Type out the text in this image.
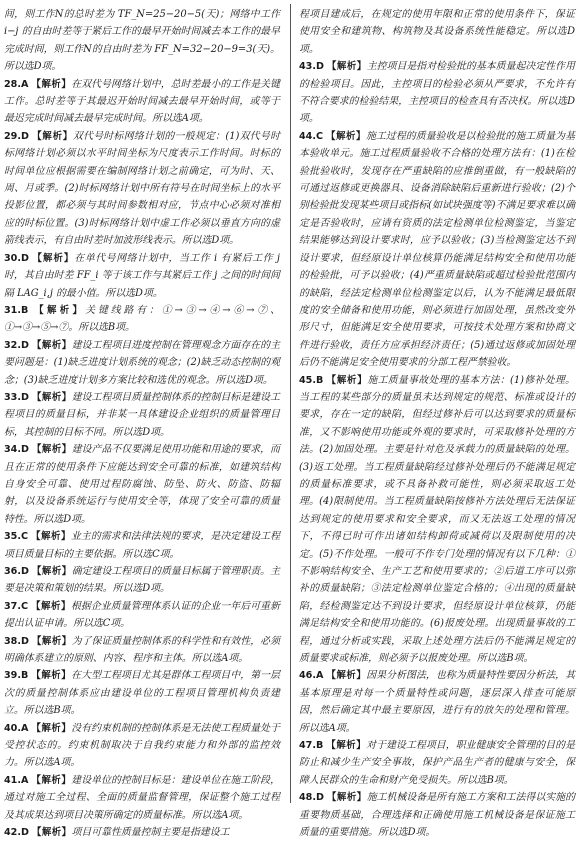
间，则工作N的总时差为 TF_N=25−20−5(天)；网络中工作 i−j 的自由时差等于紧后工作的最早开始时间减去本工作的最早完成时间，则工作N的自由时差为 FF_N=32−20−9=3(天)。所以选D项。

28.A 【解析】在双代号网络计划中，总时差最小的工作是关键工作。总时差等于其最迟开始时间减去最早开始时间，或等于最迟完成时间减去最早完成时间。所以选A项。

29.D 【解析】双代号时标网络计划的一般规定：(1)双代号时标网络计划必须以水平时间坐标为尺度表示工作时间。时标的时间单位应根据需要在编制网络计划之前确定，可为时、天、周、月或季。(2)时标网络计划中所有符号在时间坐标上的水平投影位置，都必须与其时间参数相对应，节点中心必须对准相应的时标位置。(3)时标网络计划中虚工作必须以垂直方向的虚箭线表示，有自由时差时加波形线表示。所以选D项。

30.D 【解析】在单代号网络计划中，当工作 i 有紧后工作 j 时，其自由时差 FF_i 等于该工作与其紧后工作 j 之间的时间间隔 LAG_i,j 的最小值。所以选D项。

31.B 【解析】关键线路有：①→③→④→⑥→⑦、①→③→⑤→⑦。所以选B项。

32.D 【解析】建设工程项目进度控制在管理观念方面存在的主要问题是：(1)缺乏进度计划系统的观念；(2)缺乏动态控制的观念；(3)缺乏进度计划多方案比较和选优的观念。所以选D项。

33.D 【解析】建设工程项目质量控制体系的控制目标是建设工程项目的质量目标，并非某一具体建设企业组织的质量管理目标，其控制的目标不同。所以选D项。

34.D 【解析】建设产品不仅要满足使用功能和用途的要求，而且在正常的使用条件下应能达到安全可靠的标准，如建筑结构自身安全可靠、使用过程防腐蚀、防坠、防火、防盗、防辐射，以及设备系统运行与使用安全等，体现了安全可靠的质量特性。所以选D项。

35.C 【解析】业主的需求和法律法规的要求，是决定建设工程项目质量目标的主要依据。所以选C项。

36.D 【解析】确定建设工程项目的质量目标属于管理职责。主要是决策和策划的结果。所以选D项。

37.C 【解析】根据企业质量管理体系认证的企业一年后可重新提出认证申请。所以选C项。

38.D 【解析】为了保证质量控制体系的科学性和有效性，必须明确体系建立的原则、内容、程序和主体。所以选A项。

39.B 【解析】在大型工程项目尤其是群体工程项目中，第一层次的质量控制体系应由建设单位的工程项目管理机构负责建立。所以选B项。

40.A 【解析】没有约束机制的控制体系是无法使工程质量处于受控状态的。约束机制取决于自我约束能力和外部的监控效力。所以选A项。

41.A 【解析】建设单位的控制目标是：建设单位在施工阶段，通过对施工全过程、全面的质量监督管理，保证整个施工过程及其成果达到项目决策所确定的质量标准。所以选A项。

42.D 【解析】项目可靠性质量控制主要是指建设工

程项目建成后，在规定的使用年限和正常的使用条件下，保证使用安全和建筑物、构筑物及其设备系统性能稳定。所以选D项。

43.D 【解析】主控项目是指对检验批的基本质量起决定性作用的检验项目。因此，主控项目的检验必须从严要求，不允许有不符合要求的检验结果，主控项目的检查具有否决权。所以选D项。

44.C 【解析】施工过程的质量验收是以检验批的施工质量为基本验收单元。施工过程质量验收不合格的处理方法有：(1)在检验批验收时，发现存在严重缺陷的应推倒重做，有一般缺陷的可通过返修或更换器具、设备消除缺陷后重新进行验收；(2)个别检验批发现某些项目或指标(如试块强度等)不满足要求难以确定是否验收时，应请有资质的法定检测单位检测鉴定，当鉴定结果能够达到设计要求时，应予以验收；(3)当检测鉴定达不到设计要求，但经原设计单位核算仍能满足结构安全和使用功能的检验批，可予以验收；(4)严重质量缺陷或超过检验批范围内的缺陷，经法定检测单位检测鉴定以后，认为不能满足最低限度的安全储备和使用功能，则必须进行加固处理，虽然改变外形尺寸，但能满足安全使用要求，可按技术处理方案和协商文件进行验收，责任方应承担经济责任；(5)通过返修或加固处理后仍不能满足安全使用要求的分部工程严禁验收。

45.B 【解析】施工质量事故处理的基本方法：(1)修补处理。当工程的某些部分的质量虽未达到规定的规范、标准或设计的要求，存在一定的缺陷，但经过修补后可以达到要求的质量标准，又不影响使用功能或外观的要求时，可采取修补处理的方法。(2)加固处理。主要是针对危及承载力的质量缺陷的处理。(3)返工处理。当工程质量缺陷经过修补处理后仍不能满足规定的质量标准要求，或不具备补救可能性，则必须采取返工处理。(4)限制使用。当工程质量缺陷按修补方法处理后无法保证达到规定的使用要求和安全要求，而又无法返工处理的情况下，不得已时可作出诸如结构卸荷或减荷以及限制使用的决定。(5)不作处理。一般可不作专门处理的情况有以下几种：①不影响结构安全、生产工艺和使用要求的；②后道工序可以弥补的质量缺陷；③法定检测单位鉴定合格的；④出现的质量缺陷，经检测鉴定达不到设计要求，但经原设计单位核算，仍能满足结构安全和使用功能的。(6)报废处理。出现质量事故的工程，通过分析或实践，采取上述处理方法后仍不能满足规定的质量要求或标准，则必须予以报废处理。所以选B项。

46.A 【解析】因果分析图法，也称为质量特性要因分析法，其基本原理是对每一个质量特性或问题，逐层深入排查可能原因，然后确定其中最主要原因，进行有的放矢的处理和管理。所以选A项。

47.B 【解析】对于建设工程项目，职业健康安全管理的目的是防止和减少生产安全事故，保护产品生产者的健康与安全，保障人民群众的生命和财产免受损失。所以选B项。

48.D 【解析】施工机械设备是所有施工方案和工法得以实施的重要物质基础，合理选择和正确使用施工机械设备是保证施工质量的重要措施。所以选D项。
